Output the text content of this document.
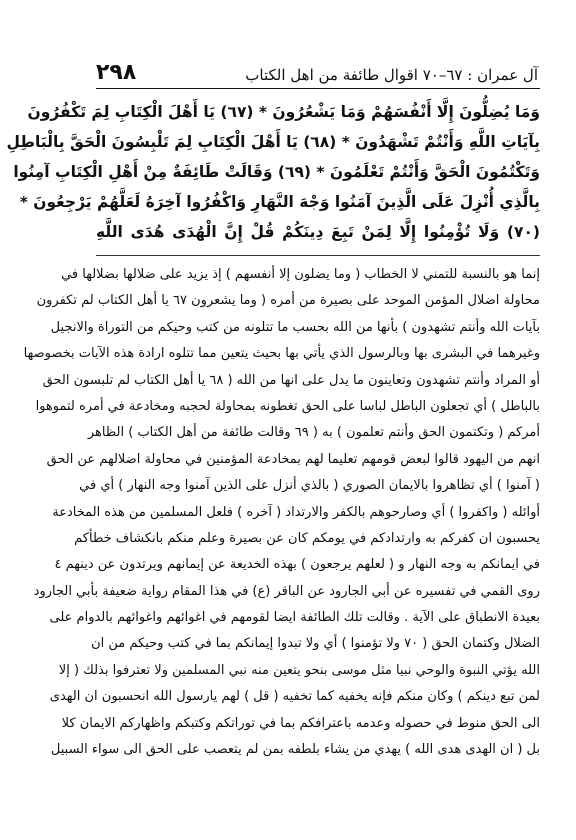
٢٩٨	آل عمران : ٦٧–٧٠ اقوال طائفة من اهل الكتاب
وَمَا يُضِلُّونَ إِلَّا أَنْفُسَهُمْ وَمَا يَشْعُرُونَ * (٦٧) يَا أَهْلَ الْكِتَابِ لِمَ تَكْفُرُونَ
بِآيَاتِ اللَّهِ وَأَنْتُمْ تَشْهَدُونَ * (٦٨) يَا أَهْلَ الْكِتَابِ لِمَ تَلْبِسُونَ الْحَقَّ بِالْبَاطِلِ
وَتَكْتُمُونَ الْحَقَّ وَأَنْتُمْ تَعْلَمُونَ * (٦٩) وَقَالَتْ طَائِفَةٌ مِنْ أَهْلِ الْكِتَابِ آمِنُوا
بِالَّذِي أُنْزِلَ عَلَى الَّذِينَ آمَنُوا وَجْهَ النَّهَارِ وَاكْفُرُوا آخِرَهُ لَعَلَّهُمْ يَرْجِعُونَ *
(٧٠) وَلَا تُؤْمِنُوا إِلَّا لِمَنْ تَبِعَ دِينَكُمْ قُلْ إِنَّ الْهُدَى هُدَى اللَّهِ
إنما هو بالنسبة للتمني لا الخطاب ( وما يضلون إلا أنفسهم ) إذ يزيد على ضلالها بضلالها في
محاولة اضلال المؤمن الموحد على بصيرة من أمره ( وما يشعرون ٦٧ يا أهل الكتاب لم تكفرون
بآيات الله وأنتم تشهدون ) بأنها من الله بحسب ما تتلونه من كتب وحيكم من التوراة والانجيل
وغيرهما في البشرى بها وبالرسول الذي يأتي بها بحيث يتعين مما تتلوه ارادة هذه الآيات بخصوصها
أو المراد وأنتم تشهدون وتعاينون ما يدل على انها من الله ( ٦٨ يا أهل الكتاب لم تلبسون الحق
بالباطل ) أي تجعلون الباطل لباسا على الحق تغطونه بمحاولة لحجبه ومخادعة في أمره لتموهوا
أمركم ( وتكتمون الحق وأنتم تعلمون ) به ( ٦٩ وقالت طائفة من أهل الكتاب ) الظاهر
انهم من اليهود قالوا لبعض قومهم تعليما لهم بمخادعة المؤمنين في محاولة اضلالهم عن الحق
( آمنوا ) أي تظاهروا بالايمان الصوري ( بالذي أنزل على الذين آمنوا وجه النهار ) أي في
أوائله ( واكفروا ) أي وصارحوهم بالكفر والارتداد ( آخره ) فلعل المسلمين من هذه المخادعة
يحسبون ان كفركم به وارتدادكم في يومكم كان عن بصيرة وعلم منكم بانكشاف خطأكم
في ايمانكم به وجه النهار و ( لعلهم يرجعون ) بهذه الخديعة عن إيمانهم ويرتدون عن دينهم ٤
روى القمي في تفسيره عن أبي الجارود عن الباقر (ع) في هذا المقام رواية ضعيفة بأبي الجارود
بعيدة الانطباق على الآية . وقالت تلك الطائفة ايضا لقومهم في اغوائهم واغوائهم بالدوام على
الضلال وكتمان الحق ( ٧٠ ولا تؤمنوا ) أي ولا تبدوا إيمانكم بما في كتب وحيكم من ان
الله يؤتي النبوة والوحي نبيا مثل موسى بنحو يتعين منه نبي المسلمين ولا تعترفوا بذلك ( إلا
لمن تبع دينكم ) وكان منكم فإنه يخفيه كما تخفيه ( قل ) لهم يارسول الله انحسبون ان الهدى
الى الحق منوط في حصوله وعدمه باعترافكم بما في توراتكم وكتبكم واظهاركم الايمان كلا
بل ( ان الهدى هدى الله ) يهدي من يشاء بلطفه بمن لم يتعصب على الحق الى سواء السبيل
